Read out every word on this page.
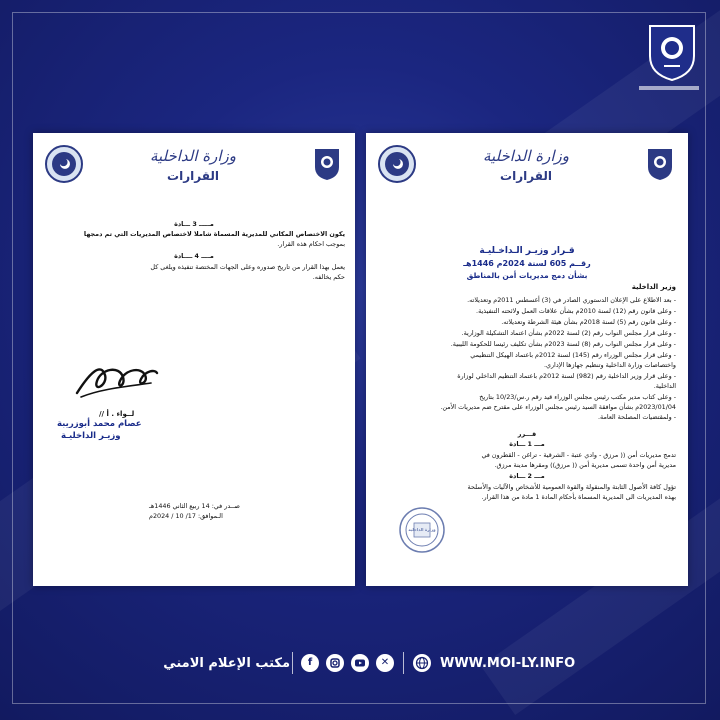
وزارة الداخلية
القرارات
مـــــ 3 ـــادة
يكون الاختصاص المكاني للمديرية المسماة شاملا لاختصاص المديريات التي تم دمجها
بموجب احكام هذه القرار.
مــــ 4 ــــادة
يعمل بهذا القرار من تاريخ صدوره وعلى الجهات المختصة تنفيذه ويلغى كل
حكم يخالفه.
لــواء . أ //
عصام محمد أبوزريبة
وزيـر الداخليـة
صــدر في: 14 ربيع الثاني 1446هـ
الـموافق: 17/ 10 / 2024م
وزارة الداخلية
القرارات
قـرار وزيـر الـداخـليـة
رقــم 605 لسنة 2024م 1446هـ
بشأن دمج مديريات أمن بالمناطق
وزير الداخلية
- بعد الاطلاع على الإعلان الدستوري الصادر في (3) أغسطس 2011م وتعديلاته.
- وعلى قانون رقم (12) لسنة 2010م بشأن علاقات العمل ولائحته التنفيذية.
- وعلى قانون رقم (5) لسنة 2018م بشأن هيئة الشرطة وتعديلاته.
- وعلى قرار مجلس النواب رقم (2) لسنة 2022م بشأن اعتماد التشكيلة الوزارية.
- وعلى قرار مجلس النواب رقم (8) لسنة 2023م بشأن تكليف رئيسا للحكومة الليبية.
- وعلى قرار مجلس الوزراء رقم (145) لسنة 2012م باعتماد الهيكل التنظيمي
واختصاصات وزارة الداخلية وتنظيم جهازها الإداري.
- وعلى قرار وزير الداخلية رقم (982) لسنة 2012م باعتماد التنظيم الداخلي لوزارة
الداخلية.
- وعلى كتاب مدير مكتب رئيس مجلس الوزراء قيد رقم ر.س/10/23 بتاريخ
2023/01/04م بشأن موافقة السيد رئيس مجلس الوزراء على مقترح ضم مديريات الأمن.
- ولمقتضيات المصلحة العامة.
قـــرر
مـــ 1 ـــادة
تدمج مديريات أمن (( مرزق - وادي عتبة - الشرقية - تراغن - القطرون في
مديرية أمن واحدة تسمى مديرية أمن (( مرزق)) ومقرها مدينة مرزق.
مـــ 2 ـــادة
تؤول كافة الأصول الثابتة والمنقولة والقوة العمومية للأشخاص والآليات والأسلحة
بهذه المديريات الى المديرية المسماة بأحكام المادة 1 مادة من هذا القرار.
وزارة الداخلية
مكتب الإعلام الامني	f	✕	WWW.MOI-LY.INFO
